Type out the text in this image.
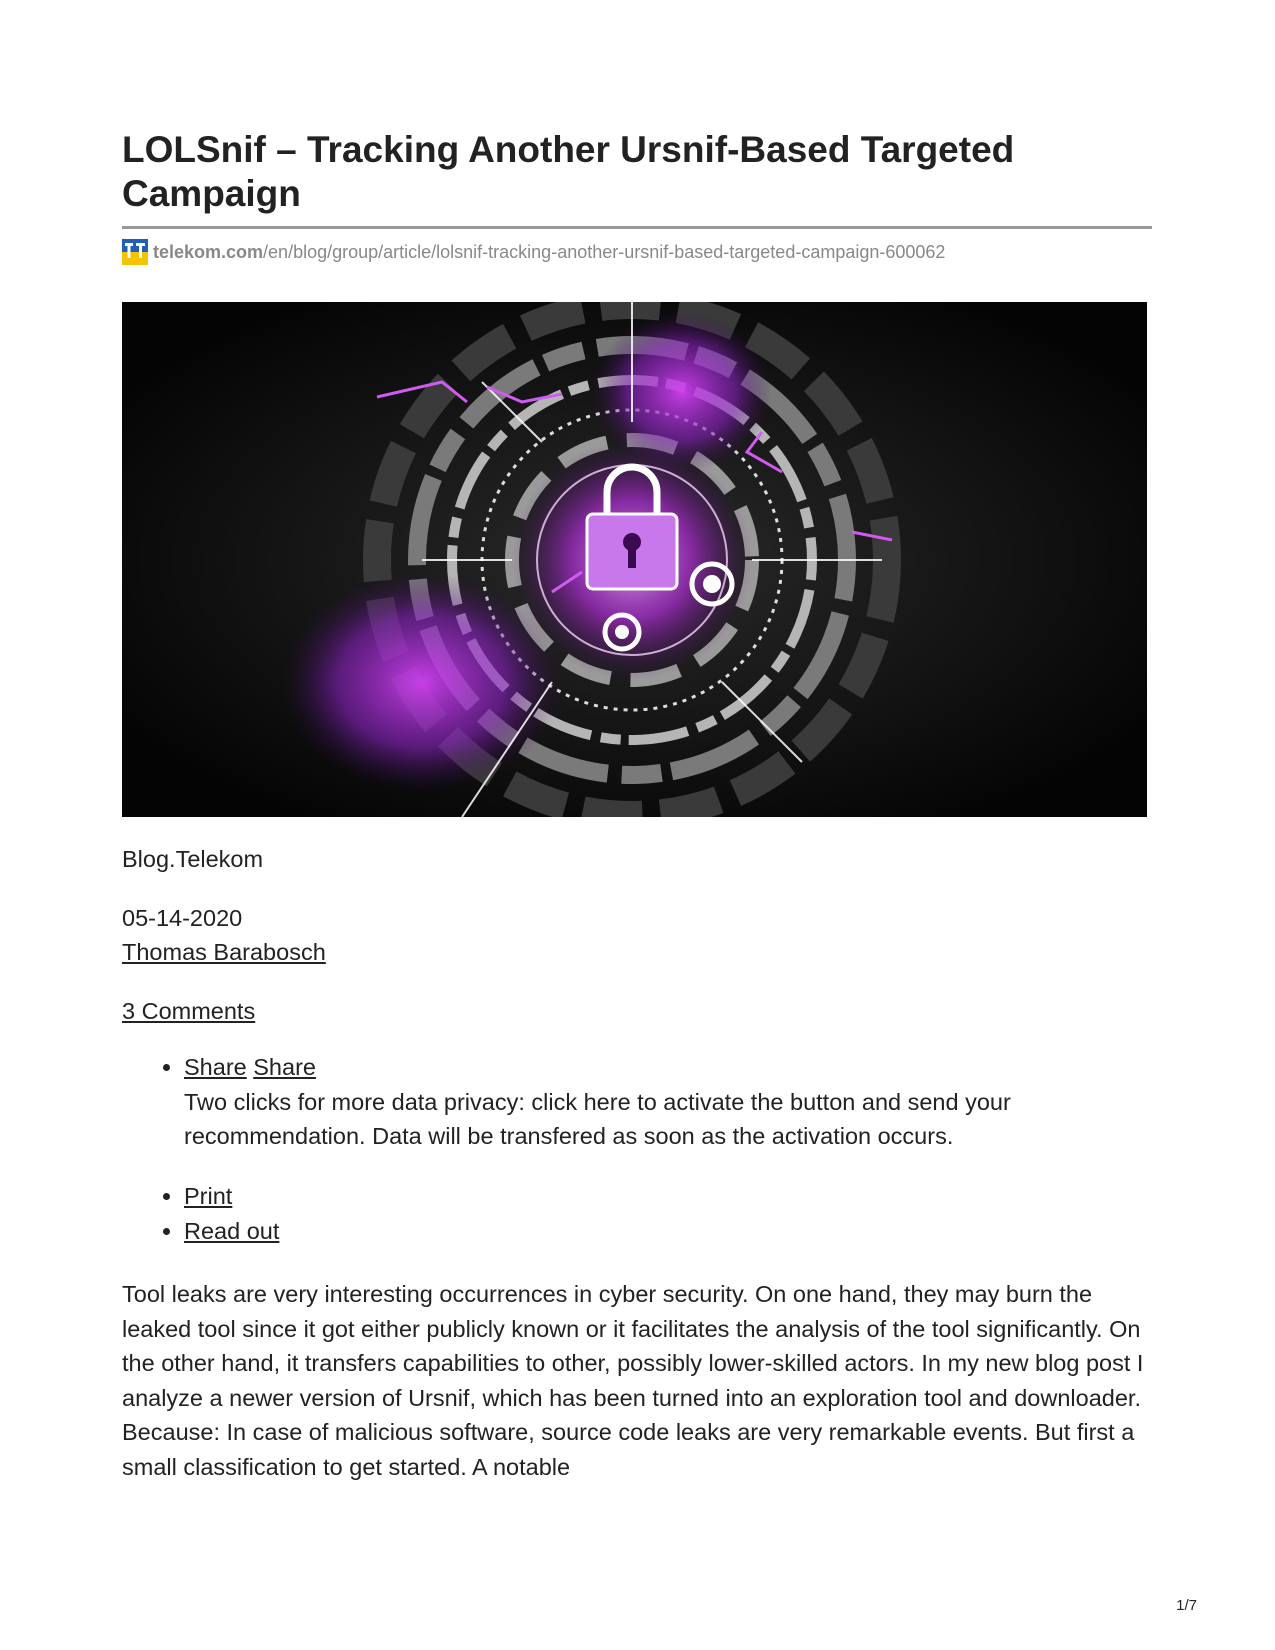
LOLSnif – Tracking Another Ursnif-Based Targeted Campaign
telekom.com /en/blog/group/article/lolsnif-tracking-another-ursnif-based-targeted-campaign-600062
Blog.Telekom
05-14-2020
Thomas Barabosch
3 Comments
• Share Share
Two clicks for more data privacy: click here to activate the button and send your recommendation. Data will be transfered as soon as the activation occurs.
• Print
• Read out

Tool leaks are very interesting occurrences in cyber security. On one hand, they may burn the leaked tool since it got either publicly known or it facilitates the analysis of the tool significantly. On the other hand, it transfers capabilities to other, possibly lower-skilled actors. In my new blog post I analyze a newer version of Ursnif, which has been turned into an exploration tool and downloader. Because: In case of malicious software, source code leaks are very remarkable events. But first a small classification to get started. A notable

1/7
